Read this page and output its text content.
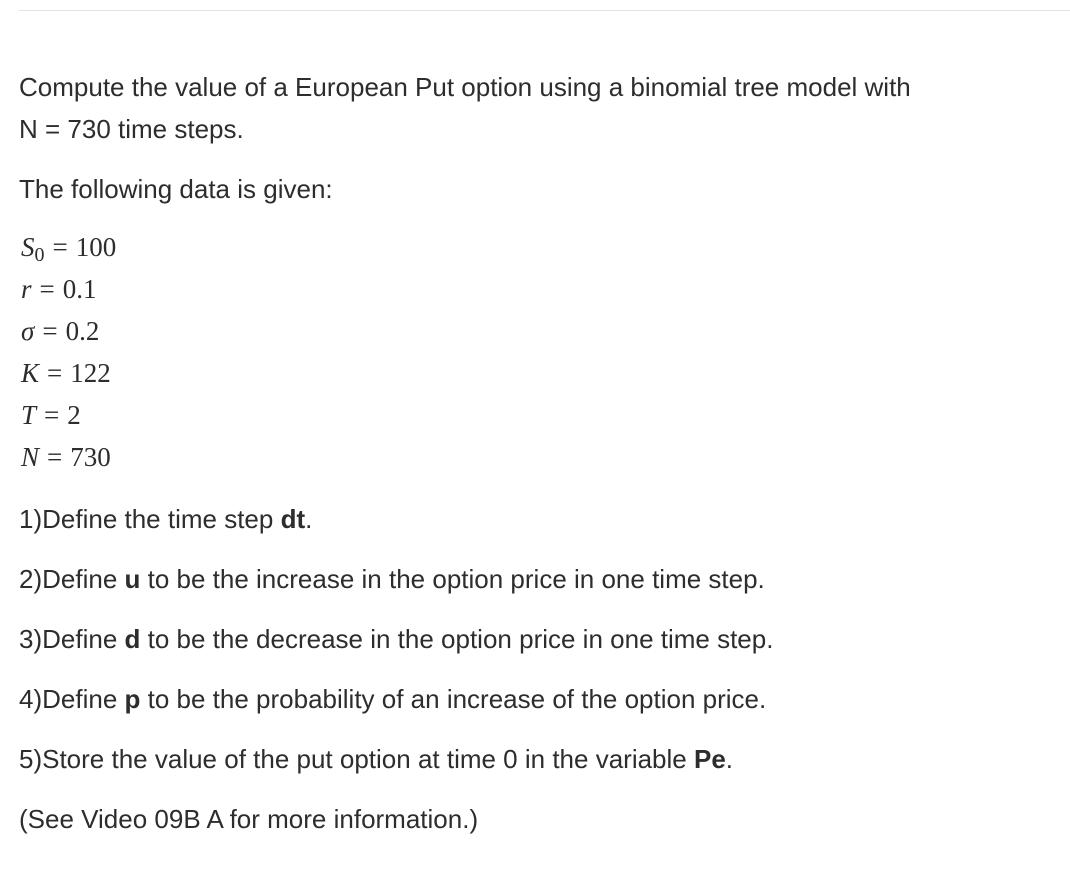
Compute the value of a European Put option using a binomial tree model with
N = 730 time steps.

The following data is given:

$S_0 = 100$
r = 0.1
σ = 0.2
K = 122
T = 2
N = 730

1)Define the time step dt.

2)Define u to be the increase in the option price in one time step.

3)Define d to be the decrease in the option price in one time step.

4)Define p to be the probability of an increase of the option price.

5)Store the value of the put option at time 0 in the variable Pe.

(See Video 09B A for more information.)
